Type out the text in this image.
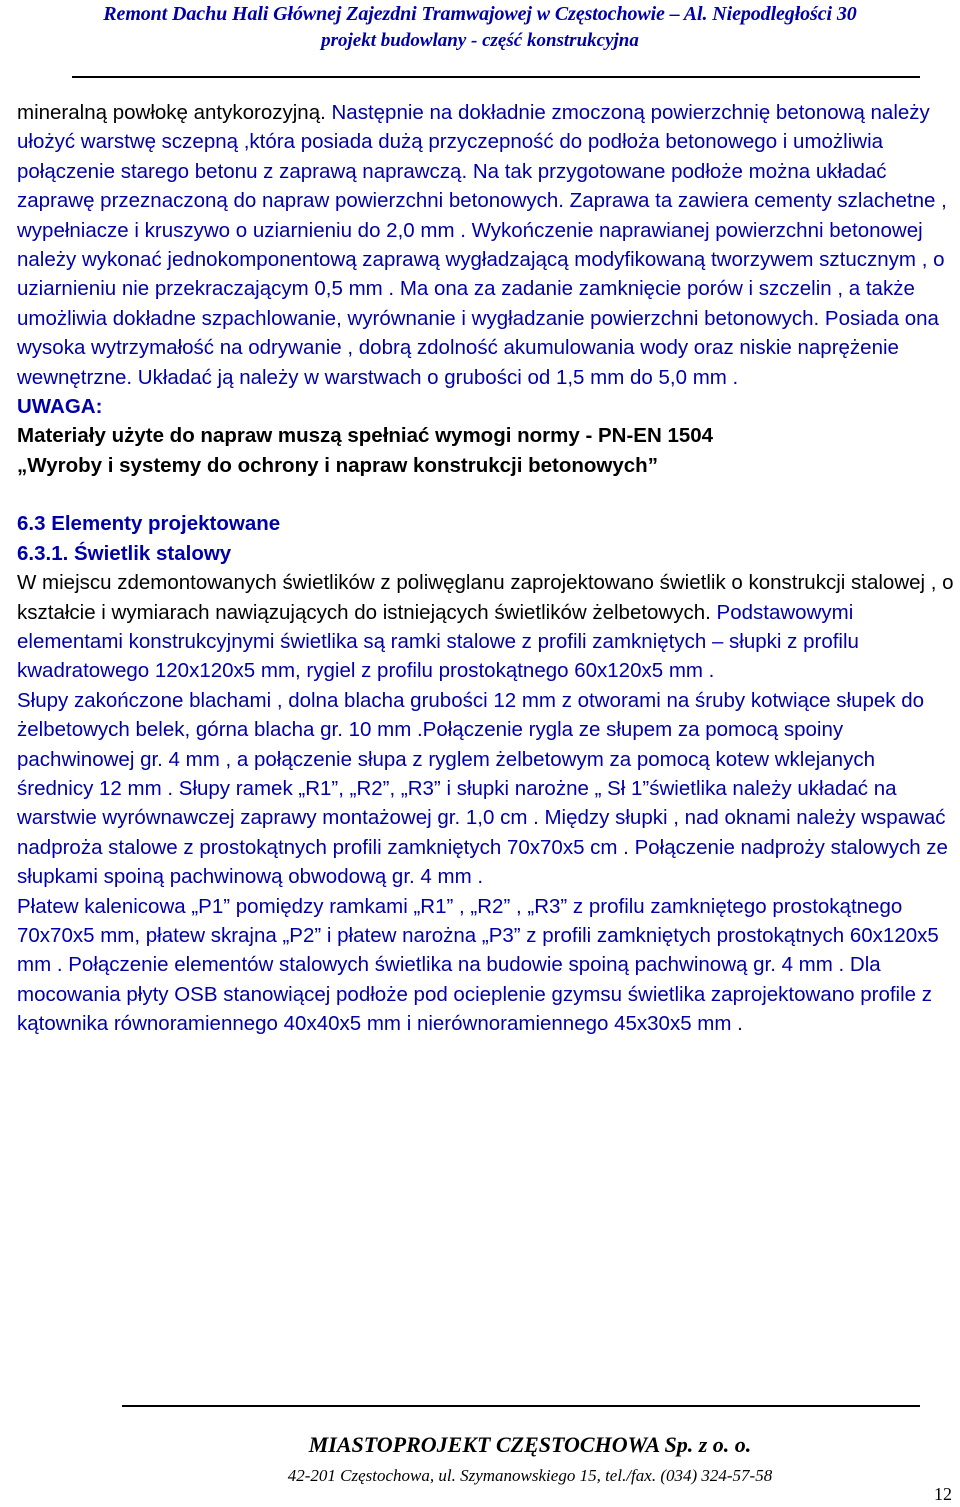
Remont Dachu Hali Głównej Zajezdni Tramwajowej w Częstochowie – Al. Niepodległości 30
projekt budowlany - część konstrukcyjna

mineralną powłokę antykorozyjną. Następnie na dokładnie zmoczoną powierzchnię betonową należy ułożyć warstwę sczepną ,która posiada dużą przyczepność do podłoża betonowego i umożliwia połączenie starego betonu z zaprawą naprawczą. Na tak przygotowane podłoże można układać zaprawę przeznaczoną do napraw powierzchni betonowych. Zaprawa ta zawiera cementy szlachetne , wypełniacze i kruszywo o uziarnieniu do 2,0 mm . Wykończenie naprawianej powierzchni betonowej należy wykonać jednokomponentową zaprawą wygładzającą modyfikowaną tworzywem sztucznym , o uziarnieniu nie przekraczającym 0,5 mm . Ma ona za zadanie zamknięcie porów i szczelin , a także umożliwia dokładne szpachlowanie, wyrównanie i wygładzanie powierzchni betonowych. Posiada ona wysoka wytrzymałość na odrywanie , dobrą zdolność akumulowania wody oraz niskie naprężenie wewnętrzne. Układać ją należy w warstwach o grubości od 1,5 mm do 5,0 mm .

UWAGA:

Materiały użyte do napraw muszą spełniać wymogi normy - PN-EN 1504

„Wyroby i systemy do ochrony i napraw konstrukcji betonowych”

6.3 Elementy projektowane

6.3.1. Świetlik stalowy

W miejscu zdemontowanych świetlików z poliwęglanu zaprojektowano świetlik o konstrukcji stalowej , o kształcie i wymiarach nawiązujących do istniejących świetlików żelbetowych. Podstawowymi elementami konstrukcyjnymi świetlika są ramki stalowe z profili zamkniętych – słupki z profilu kwadratowego 120x120x5 mm, rygiel z profilu prostokątnego 60x120x5 mm .

Słupy zakończone blachami , dolna blacha grubości 12 mm z otworami na śruby kotwiące słupek do żelbetowych belek, górna blacha gr. 10 mm .Połączenie rygla ze słupem za pomocą spoiny pachwinowej gr. 4 mm , a połączenie słupa z ryglem żelbetowym za pomocą kotew wklejanych średnicy 12 mm . Słupy ramek „R1”, „R2”, „R3” i słupki narożne „ Sł 1”świetlika należy układać na warstwie wyrównawczej zaprawy montażowej gr. 1,0 cm . Między słupki , nad oknami należy wspawać nadproża stalowe z prostokątnych profili zamkniętych 70x70x5 cm . Połączenie nadproży stalowych ze słupkami spoiną pachwinową obwodową gr. 4 mm .

Płatew kalenicowa „P1” pomiędzy ramkami „R1” , „R2” , „R3” z profilu zamkniętego prostokątnego 70x70x5 mm, płatew skrajna „P2” i płatew narożna „P3” z profili zamkniętych prostokątnych 60x120x5 mm . Połączenie elementów stalowych świetlika na budowie spoiną pachwinową gr. 4 mm . Dla mocowania płyty OSB stanowiącej podłoże pod ocieplenie gzymsu świetlika zaprojektowano profile z kątownika równoramiennego 40x40x5 mm i nierównoramiennego 45x30x5 mm .

MIASTOPROJEKT CZĘSTOCHOWA Sp. z o. o.
42-201 Częstochowa, ul. Szymanowskiego 15, tel./fax. (034) 324-57-58
12
